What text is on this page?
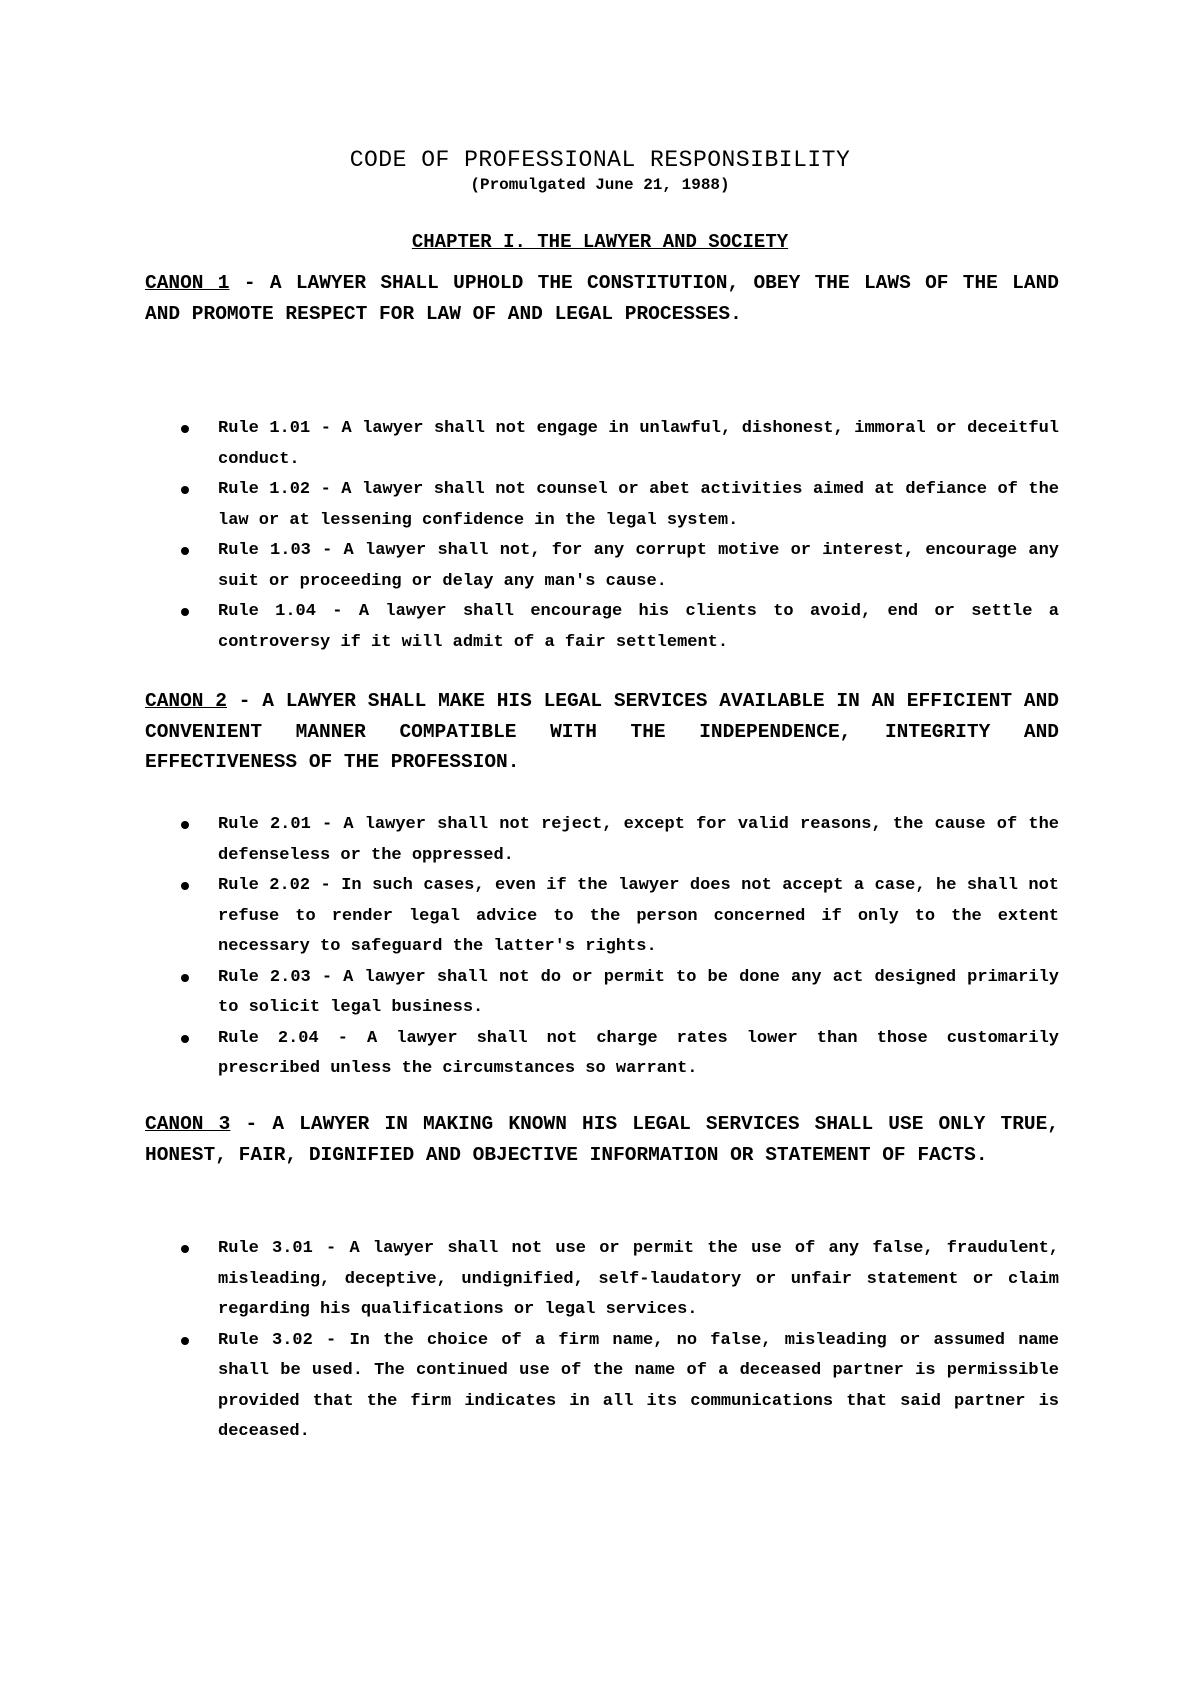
CODE OF PROFESSIONAL RESPONSIBILITY
(Promulgated June 21, 1988)
CHAPTER I. THE LAWYER AND SOCIETY
CANON 1 - A LAWYER SHALL UPHOLD THE CONSTITUTION, OBEY THE LAWS OF THE LAND AND PROMOTE RESPECT FOR LAW OF AND LEGAL PROCESSES.
Rule 1.01 - A lawyer shall not engage in unlawful, dishonest, immoral or deceitful conduct.
Rule 1.02 - A lawyer shall not counsel or abet activities aimed at defiance of the law or at lessening confidence in the legal system.
Rule 1.03 - A lawyer shall not, for any corrupt motive or interest, encourage any suit or proceeding or delay any man's cause.
Rule 1.04 - A lawyer shall encourage his clients to avoid, end or settle a controversy if it will admit of a fair settlement.
CANON 2 - A LAWYER SHALL MAKE HIS LEGAL SERVICES AVAILABLE IN AN EFFICIENT AND CONVENIENT MANNER COMPATIBLE WITH THE INDEPENDENCE, INTEGRITY AND EFFECTIVENESS OF THE PROFESSION.
Rule 2.01 - A lawyer shall not reject, except for valid reasons, the cause of the defenseless or the oppressed.
Rule 2.02 - In such cases, even if the lawyer does not accept a case, he shall not refuse to render legal advice to the person concerned if only to the extent necessary to safeguard the latter's rights.
Rule 2.03 - A lawyer shall not do or permit to be done any act designed primarily to solicit legal business.
Rule 2.04 - A lawyer shall not charge rates lower than those customarily prescribed unless the circumstances so warrant.
CANON 3 - A LAWYER IN MAKING KNOWN HIS LEGAL SERVICES SHALL USE ONLY TRUE, HONEST, FAIR, DIGNIFIED AND OBJECTIVE INFORMATION OR STATEMENT OF FACTS.
Rule 3.01 - A lawyer shall not use or permit the use of any false, fraudulent, misleading, deceptive, undignified, self-laudatory or unfair statement or claim regarding his qualifications or legal services.
Rule 3.02 - In the choice of a firm name, no false, misleading or assumed name shall be used. The continued use of the name of a deceased partner is permissible provided that the firm indicates in all its communications that said partner is deceased.
